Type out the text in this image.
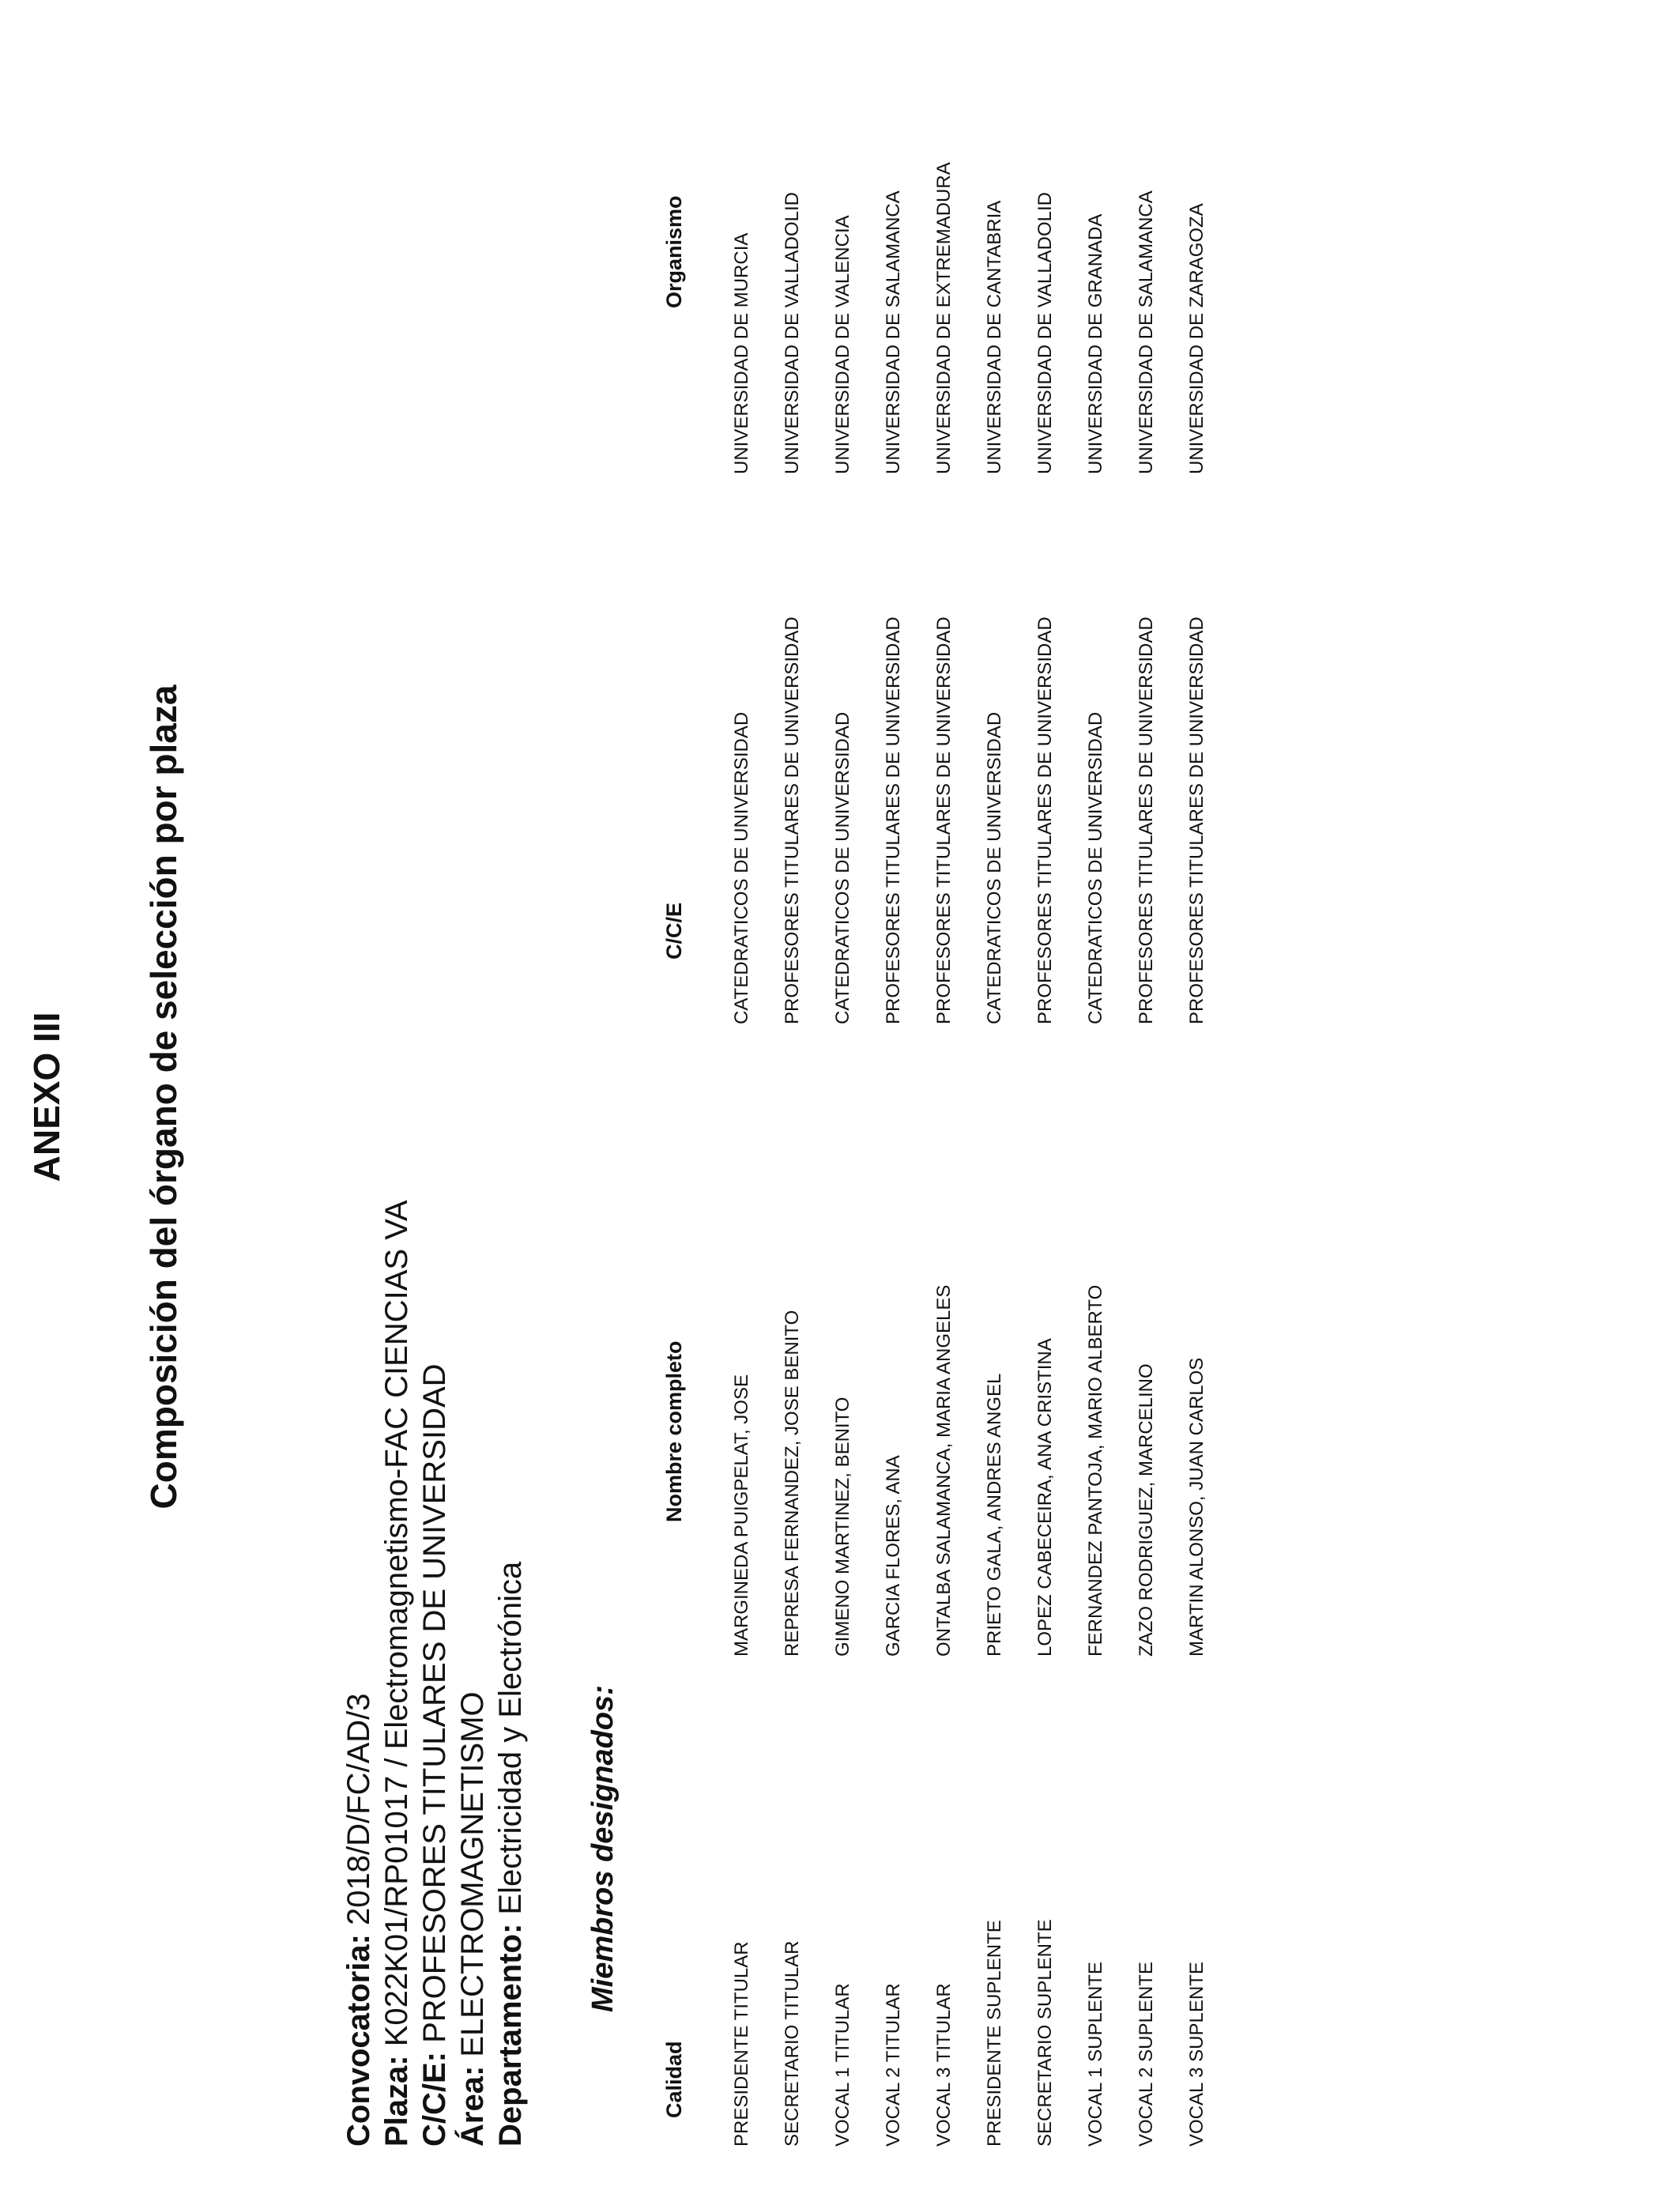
ANEXO III Composición del órgano de selección por plaza
Convocatoria: 2018/D/FC/AD/3
Plaza: K022K01/RP01017 / Electromagnetismo-FAC CIENCIAS VA
C/C/E: PROFESORES TITULARES DE UNIVERSIDAD
Área: ELECTROMAGNETISMO Departamento: Electricidad y Electrónica Miembros designados:
Calidad
Nombre completo
C/C/E
Organismo
PRESIDENTE TITULAR
MARGINEDA PUIGPELAT, JOSE
CATEDRATICOS DE UNIVERSIDAD
UNIVERSIDAD DE MURCIA
SECRETARIO TITULAR
REPRESA FERNANDEZ, JOSE BENITO
PROFESORES TITULARES DE UNIVERSIDAD
UNIVERSIDAD DE VALLADOLID
VOCAL 1 TITULAR
GIMENO MARTINEZ, BENITO
CATEDRATICOS DE UNIVERSIDAD
UNIVERSIDAD DE VALENCIA
VOCAL 2 TITULAR
GARCIA FLORES, ANA
PROFESORES TITULARES DE UNIVERSIDAD
UNIVERSIDAD DE SALAMANCA
VOCAL 3 TITULAR
ONTALBA SALAMANCA, MARIA ANGELES
PROFESORES TITULARES DE UNIVERSIDAD
UNIVERSIDAD DE EXTREMADURA
PRESIDENTE SUPLENTE
PRIETO GALA, ANDRES ANGEL
CATEDRATICOS DE UNIVERSIDAD
UNIVERSIDAD DE CANTABRIA
SECRETARIO SUPLENTE
LOPEZ CABECEIRA, ANA CRISTINA
PROFESORES TITULARES DE UNIVERSIDAD
UNIVERSIDAD DE VALLADOLID
VOCAL 1 SUPLENTE
FERNANDEZ PANTOJA, MARIO ALBERTO
CATEDRATICOS DE UNIVERSIDAD
UNIVERSIDAD DE GRANADA
VOCAL 2 SUPLENTE
ZAZO RODRIGUEZ, MARCELINO
PROFESORES TITULARES DE UNIVERSIDAD
UNIVERSIDAD DE SALAMANCA
VOCAL 3 SUPLENTE
MARTIN ALONSO, JUAN CARLOS
PROFESORES TITULARES DE UNIVERSIDAD
UNIVERSIDAD DE ZARAGOZA
